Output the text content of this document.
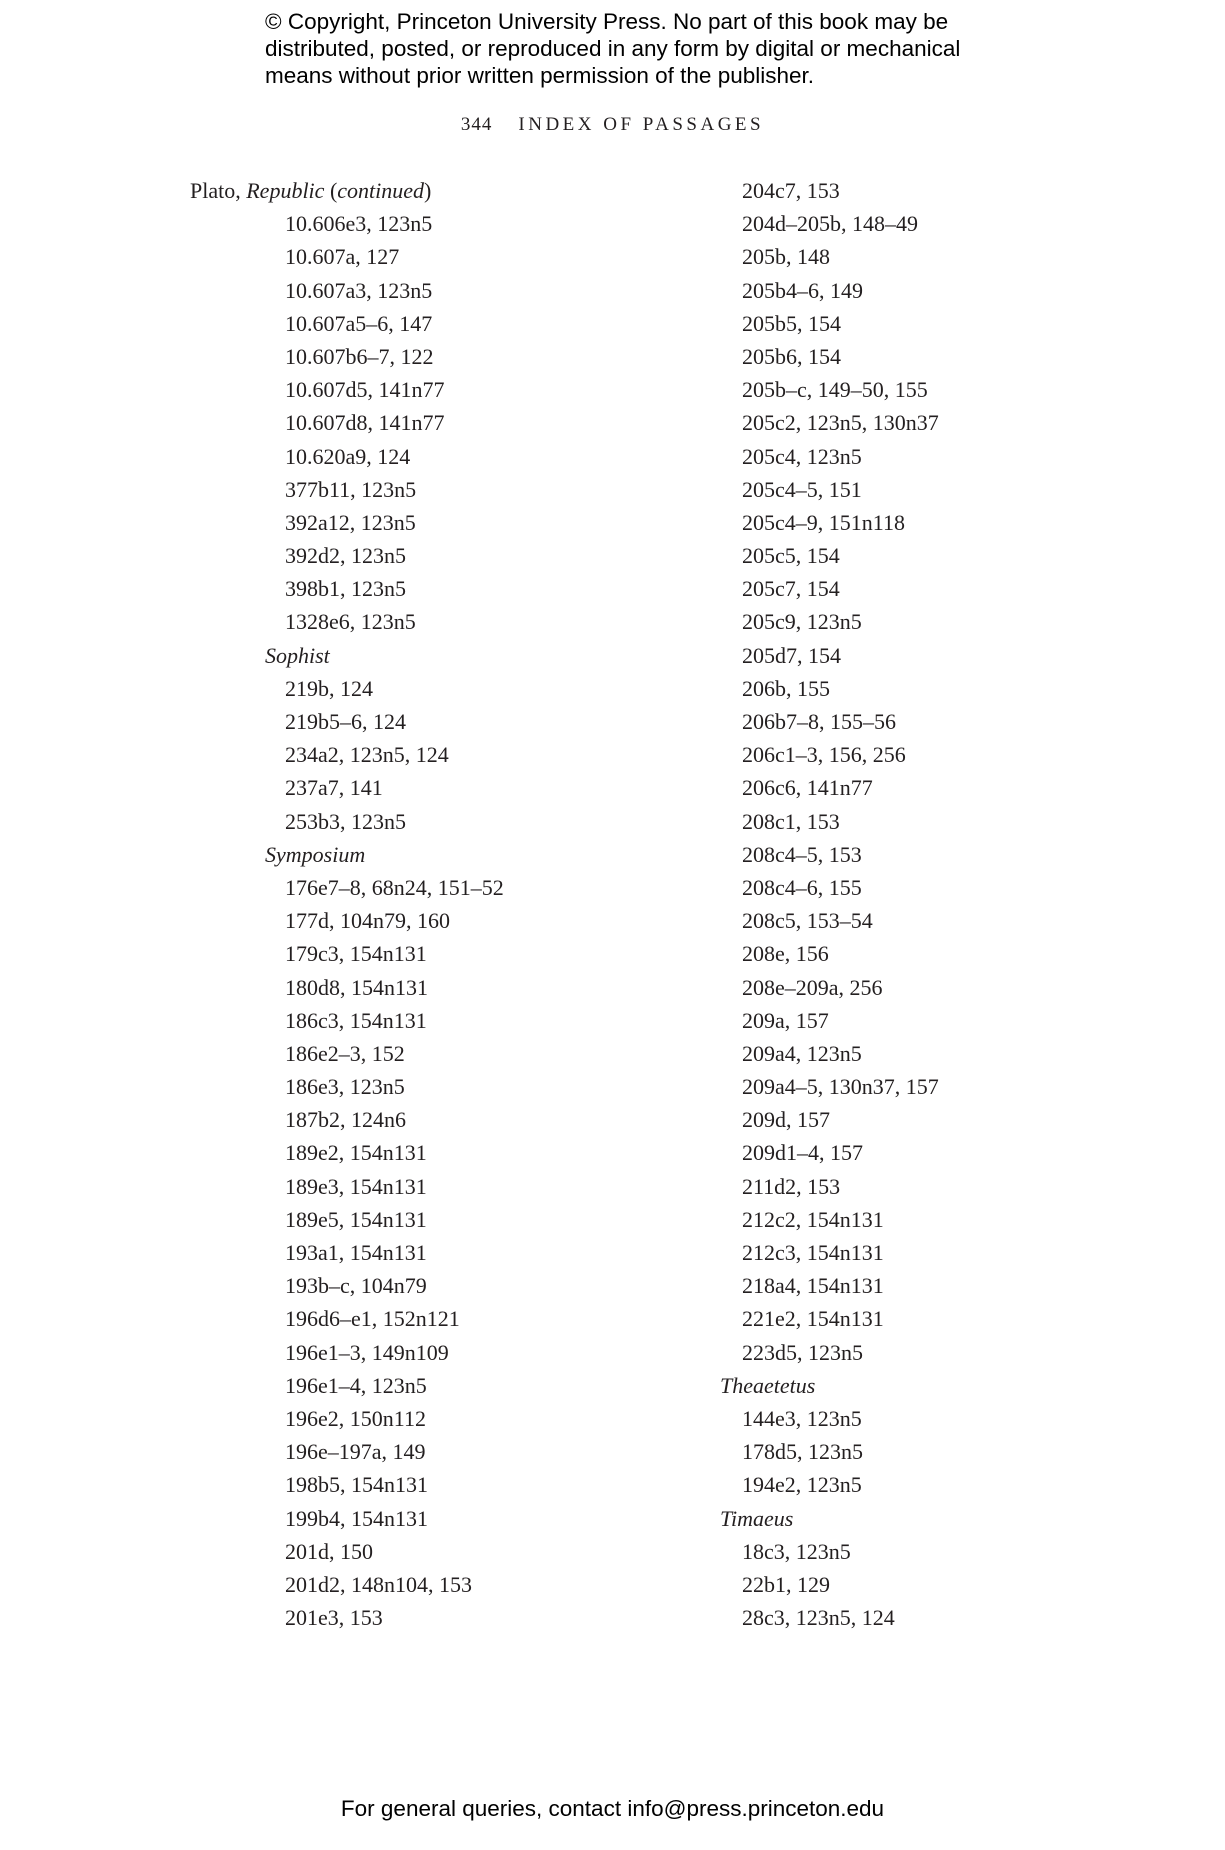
© Copyright, Princeton University Press. No part of this book may be
distributed, posted, or reproduced in any form by digital or mechanical
means without prior written permission of the publisher.
344 INDEX OF PASSAGES
Plato, Republic (continued)
10.606e3, 123n5
10.607a, 127
10.607a3, 123n5
10.607a5–6, 147
10.607b6–7, 122
10.607d5, 141n77
10.607d8, 141n77
10.620a9, 124
377b11, 123n5
392a12, 123n5
392d2, 123n5
398b1, 123n5
1328e6, 123n5
Sophist
219b, 124
219b5–6, 124
234a2, 123n5, 124
237a7, 141
253b3, 123n5
Symposium
176e7–8, 68n24, 151–52
177d, 104n79, 160
179c3, 154n131
180d8, 154n131
186c3, 154n131
186e2–3, 152
186e3, 123n5
187b2, 124n6
189e2, 154n131
189e3, 154n131
189e5, 154n131
193a1, 154n131
193b–c, 104n79
196d6–e1, 152n121
196e1–3, 149n109
196e1–4, 123n5
196e2, 150n112
196e–197a, 149
198b5, 154n131
199b4, 154n131
201d, 150
201d2, 148n104, 153
201e3, 153
204c7, 153
204d–205b, 148–49
205b, 148
205b4–6, 149
205b5, 154
205b6, 154
205b–c, 149–50, 155
205c2, 123n5, 130n37
205c4, 123n5
205c4–5, 151
205c4–9, 151n118
205c5, 154
205c7, 154
205c9, 123n5
205d7, 154
206b, 155
206b7–8, 155–56
206c1–3, 156, 256
206c6, 141n77
208c1, 153
208c4–5, 153
208c4–6, 155
208c5, 153–54
208e, 156
208e–209a, 256
209a, 157
209a4, 123n5
209a4–5, 130n37, 157
209d, 157
209d1–4, 157
211d2, 153
212c2, 154n131
212c3, 154n131
218a4, 154n131
221e2, 154n131
223d5, 123n5
Theaetetus
144e3, 123n5
178d5, 123n5
194e2, 123n5
Timaeus
18c3, 123n5
22b1, 129
28c3, 123n5, 124
For general queries, contact info@press.princeton.edu
